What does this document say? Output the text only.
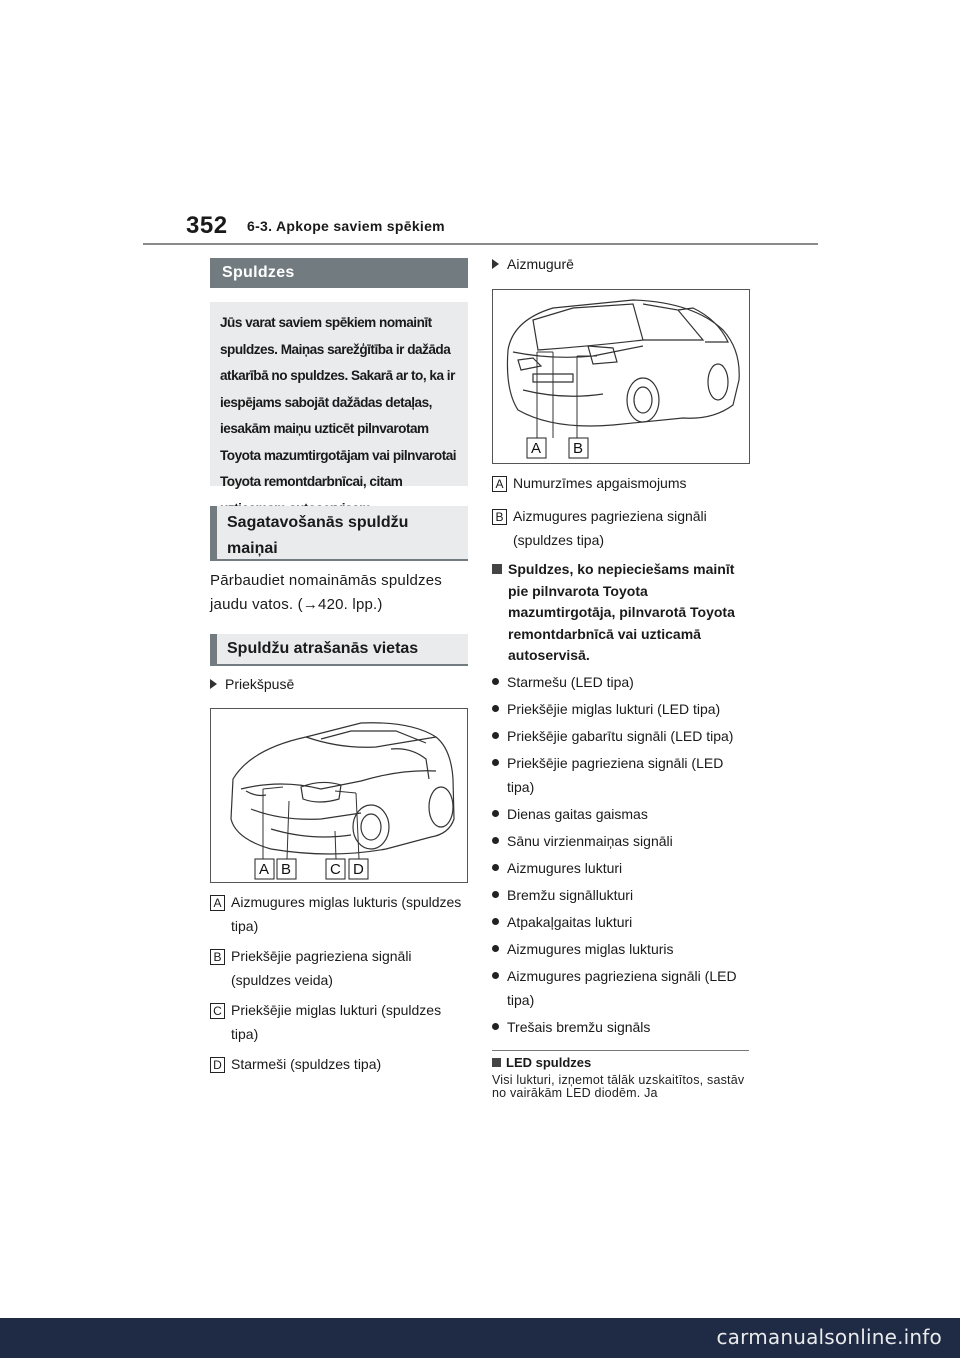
352 6-3. Apkope saviem spēkiem
Spuldzes
Jūs varat saviem spēkiem nomainīt spuldzes. Maiņas sarežģītība ir dažāda atkarībā no spuldzes. Sakarā ar to, ka ir iespējams sabojāt dažādas detaļas, iesakām maiņu uzticēt pilnvarotam Toyota mazumtirgotājam vai pilnvarotai Toyota remontdarbnīcai, citam
Sagatavošanās spuldžu maiņai
Pārbaudiet nomaināmās spuldzes jaudu vatos. (→420. lpp.)
Spuldžu atrašanās vietas
Priekšpusē
A B	C D
A Aizmugures miglas lukturis (spuldzes tipa)
B Priekšējie pagrieziena signāli (spuldzes veida)
C Priekšējie miglas lukturi (spuldzes tipa)
D Starmeši (spuldzes tipa)
Aizmugurē
A B
A Numurzīmes apgaismojums
B Aizmugures pagrieziena signāli (spuldzes tipa)
Spuldzes, ko nepieciešams mainīt pie pilnvarota Toyota mazumtirgotāja, pilnvarotā Toyota remontdarbnīcā vai uzticamā autoservisā.
Starmešu (LED tipa)
Priekšējie miglas lukturi (LED tipa)
Priekšējie gabarītu signāli (LED tipa)
Priekšējie pagrieziena signāli (LED tipa)
Dienas gaitas gaismas
Sānu virzienmaiņas signāli
Aizmugures lukturi
Bremžu signāllukturi
Atpakaļgaitas lukturi
Aizmugures miglas lukturis
Aizmugures pagrieziena signāli (LED tipa)
Trešais bremžu signāls
LED spuldzes
Visi lukturi, izņemot tālāk uzskaitītos, sastāv no vairākām LED diodēm. Ja
carmanualsonline.info
